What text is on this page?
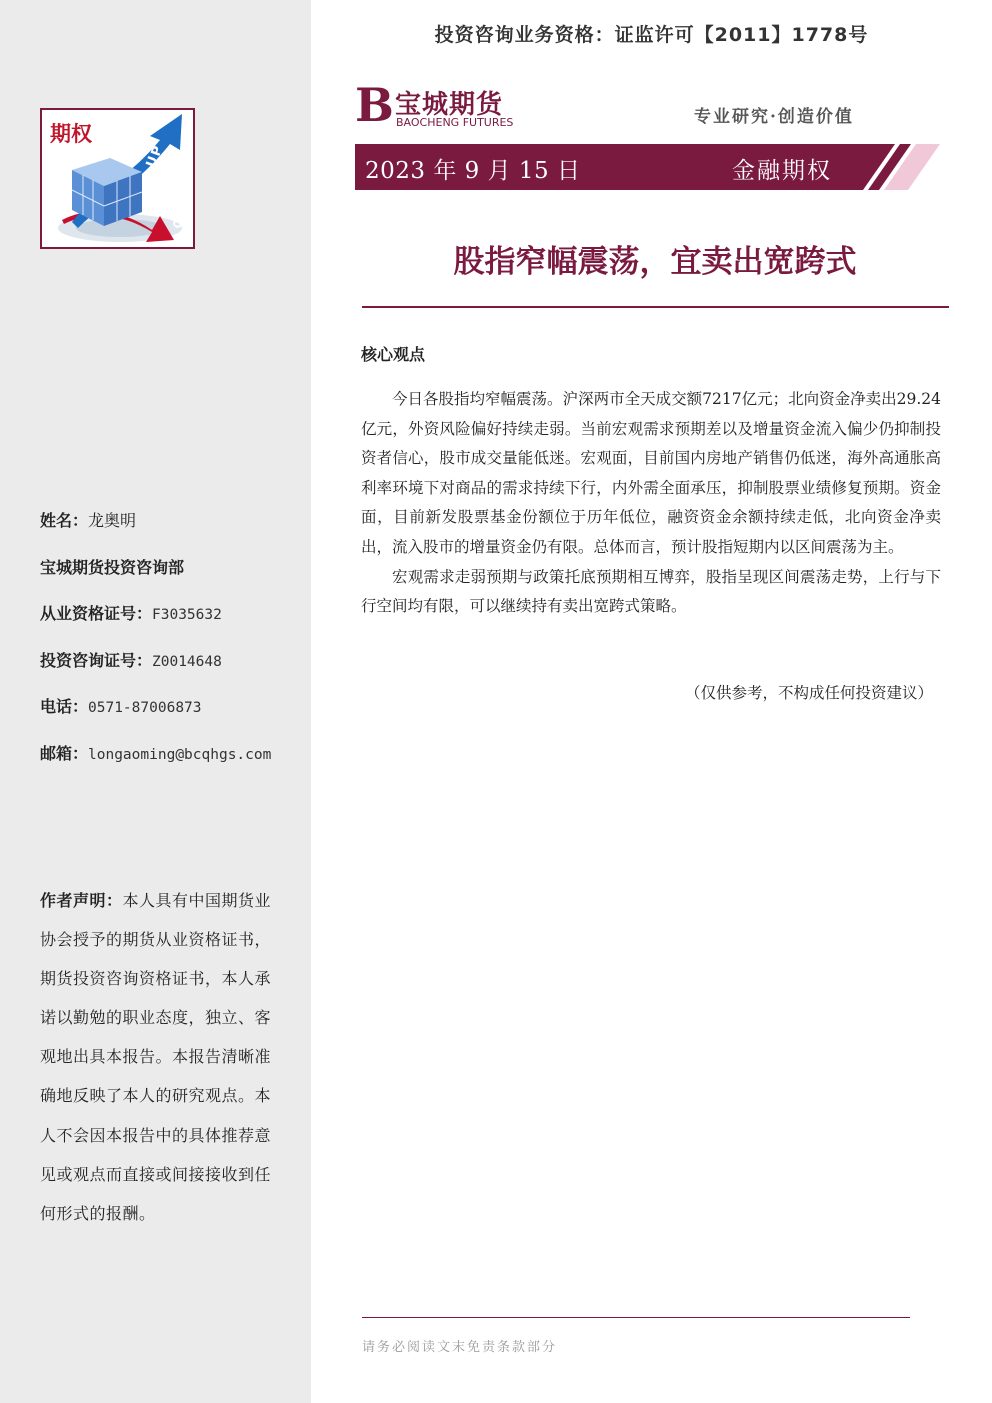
U
P
D
O
期权
姓名：龙奥明
宝城期货投资咨询部
从业资格证号：F3035632
投资咨询证号：Z0014648
电话：0571-87006873
邮箱：longaoming@bcqhgs.com
作者声明：本人具有中国期货业协会授予的期货从业资格证书，期货投资咨询资格证书，本人承诺以勤勉的职业态度，独立、客观地出具本报告。本报告清晰准确地反映了本人的研究观点。本人不会因本报告中的具体推荐意见或观点而直接或间接接收到任何形式的报酬。
投资咨询业务资格：证监许可【2011】1778号
B 宝城期货
BAOCHENG FUTURES	专业研究·创造价值
2023 年 9 月 15 日	金融期权
股指窄幅震荡，宜卖出宽跨式
核心观点

今日各股指均窄幅震荡。沪深两市全天成交额7217亿元；北向资金净卖出29.24亿元，外资风险偏好持续走弱。当前宏观需求预期差以及增量资金流入偏少仍抑制投资者信心，股市成交量能低迷。宏观面，目前国内房地产销售仍低迷，海外高通胀高利率环境下对商品的需求持续下行，内外需全面承压，抑制股票业绩修复预期。资金面，目前新发股票基金份额位于历年低位，融资资金余额持续走低，北向资金净卖出，流入股市的增量资金仍有限。总体而言，预计股指短期内以区间震荡为主。

宏观需求走弱预期与政策托底预期相互博弈，股指呈现区间震荡走势，上行与下行空间均有限，可以继续持有卖出宽跨式策略。

（仅供参考，不构成任何投资建议）
请务必阅读文末免责条款部分
